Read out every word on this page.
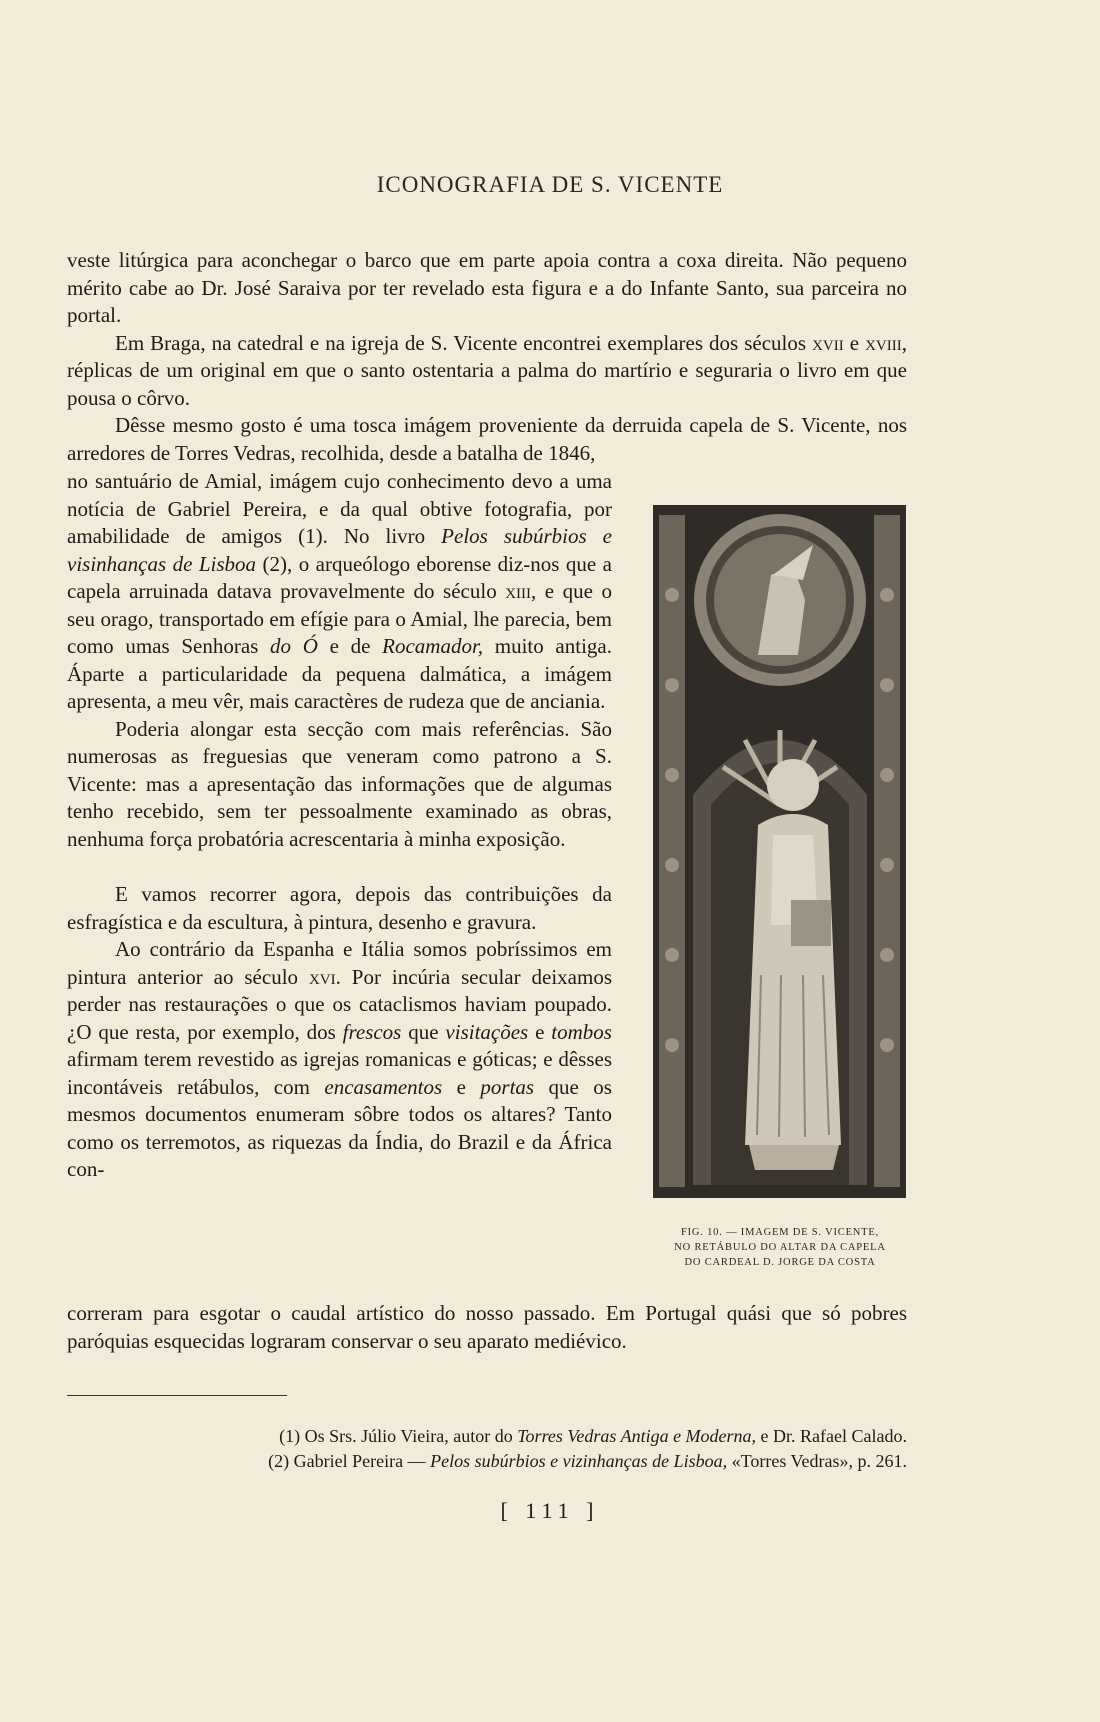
ICONOGRAFIA DE S. VICENTE

veste litúrgica para aconchegar o barco que em parte apoia contra a coxa direita. Não pequeno mérito cabe ao Dr. José Saraiva por ter revelado esta figura e a do Infante Santo, sua parceira no portal.

Em Braga, na catedral e na igreja de S. Vicente encontrei exemplares dos séculos xvii e xviii, réplicas de um original em que o santo ostentaria a palma do martírio e seguraria o livro em que pousa o côrvo.

Dêsse mesmo gosto é uma tosca imágem proveniente da derruida capela de S. Vicente, nos arredores de Torres Vedras, recolhida, desde a batalha de 1846,

no santuário de Amial, imágem cujo conhecimento devo a uma notícia de Gabriel Pereira, e da qual obtive fotografia, por amabilidade de amigos (1). No livro Pelos subúrbios e visinhanças de Lisboa (2), o arqueólogo eborense diz-nos que a capela arruinada datava provavelmente do século xiii, e que o seu orago, transportado em efígie para o Amial, lhe parecia, bem como umas Senhoras do Ó e de Rocamador, muito antiga. Áparte a particularidade da pequena dalmática, a imágem apresenta, a meu vêr, mais caractères de rudeza que de anciania.

Poderia alongar esta secção com mais referências. São numerosas as freguesias que veneram como patrono a S. Vicente: mas a apresentação das informações que de algumas tenho recebido, sem ter pessoalmente examinado as obras, nenhuma força probatória acrescentaria à minha exposição.

E vamos recorrer agora, depois das contribuições da esfragística e da escultura, à pintura, desenho e gravura.

Ao contrário da Espanha e Itália somos pobríssimos em pintura anterior ao século xvi. Por incúria secular deixamos perder nas restaurações o que os cataclismos haviam poupado. ¿O que resta, por exemplo, dos frescos que visitações e tombos afirmam terem revestido as igrejas romanicas e góticas; e dêsses incontáveis retábulos, com encasamentos e portas que os mesmos documentos enumeram sôbre todos os altares? Tanto como os terremotos, as riquezas da Índia, do Brazil e da África con-

correram para esgotar o caudal artístico do nosso passado. Em Portugal quási que só pobres paróquias esquecidas lograram conservar o seu aparato mediévico.

FIG. 10. — IMAGEM DE S. VICENTE,
NO RETÁBULO DO ALTAR DA CAPELA
DO CARDEAL D. JORGE DA COSTA

(1) Os Srs. Júlio Vieira, autor do Torres Vedras Antiga e Moderna, e Dr. Rafael Calado.

(2) Gabriel Pereira — Pelos subúrbios e vizinhanças de Lisboa, «Torres Vedras», p. 261.

[ 111 ]
